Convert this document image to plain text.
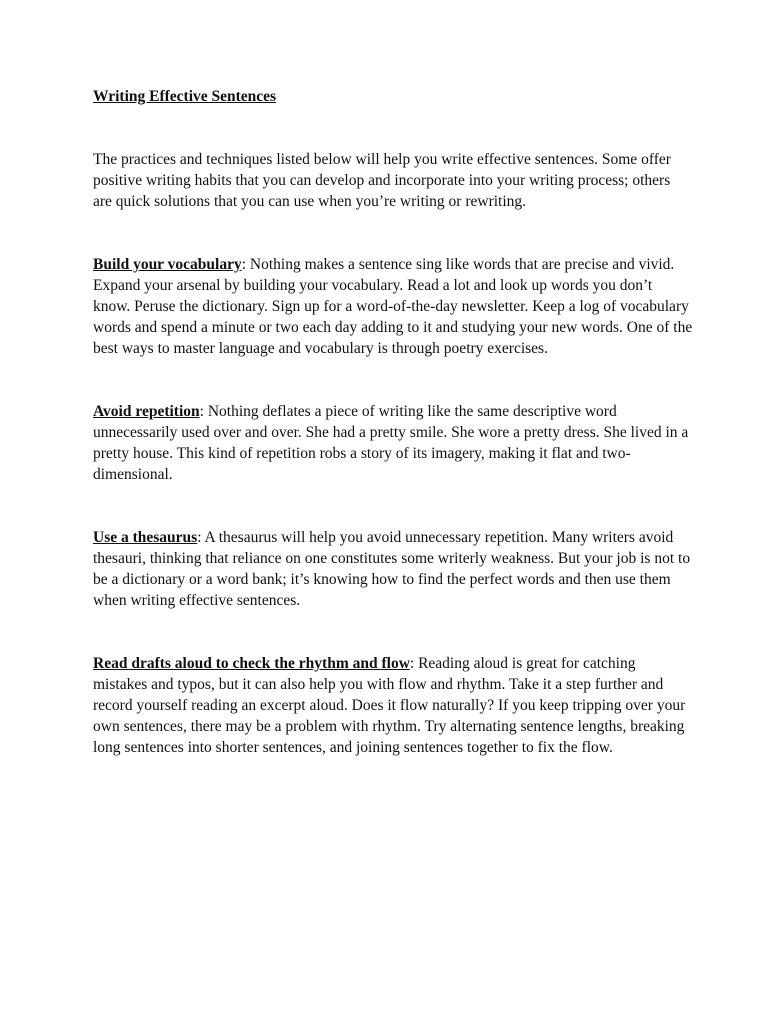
Writing Effective Sentences

The practices and techniques listed below will help you write effective sentences. Some offer positive writing habits that you can develop and incorporate into your writing process; others are quick solutions that you can use when you’re writing or rewriting.

Build your vocabulary: Nothing makes a sentence sing like words that are precise and vivid. Expand your arsenal by building your vocabulary. Read a lot and look up words you don’t know. Peruse the dictionary. Sign up for a word-of-the-day newsletter. Keep a log of vocabulary words and spend a minute or two each day adding to it and studying your new words. One of the best ways to master language and vocabulary is through poetry exercises.

Avoid repetition: Nothing deflates a piece of writing like the same descriptive word unnecessarily used over and over. She had a pretty smile. She wore a pretty dress. She lived in a pretty house. This kind of repetition robs a story of its imagery, making it flat and two-dimensional.

Use a thesaurus: A thesaurus will help you avoid unnecessary repetition. Many writers avoid thesauri, thinking that reliance on one constitutes some writerly weakness. But your job is not to be a dictionary or a word bank; it’s knowing how to find the perfect words and then use them when writing effective sentences.

Read drafts aloud to check the rhythm and flow: Reading aloud is great for catching mistakes and typos, but it can also help you with flow and rhythm. Take it a step further and record yourself reading an excerpt aloud. Does it flow naturally? If you keep tripping over your own sentences, there may be a problem with rhythm. Try alternating sentence lengths, breaking long sentences into shorter sentences, and joining sentences together to fix the flow.
